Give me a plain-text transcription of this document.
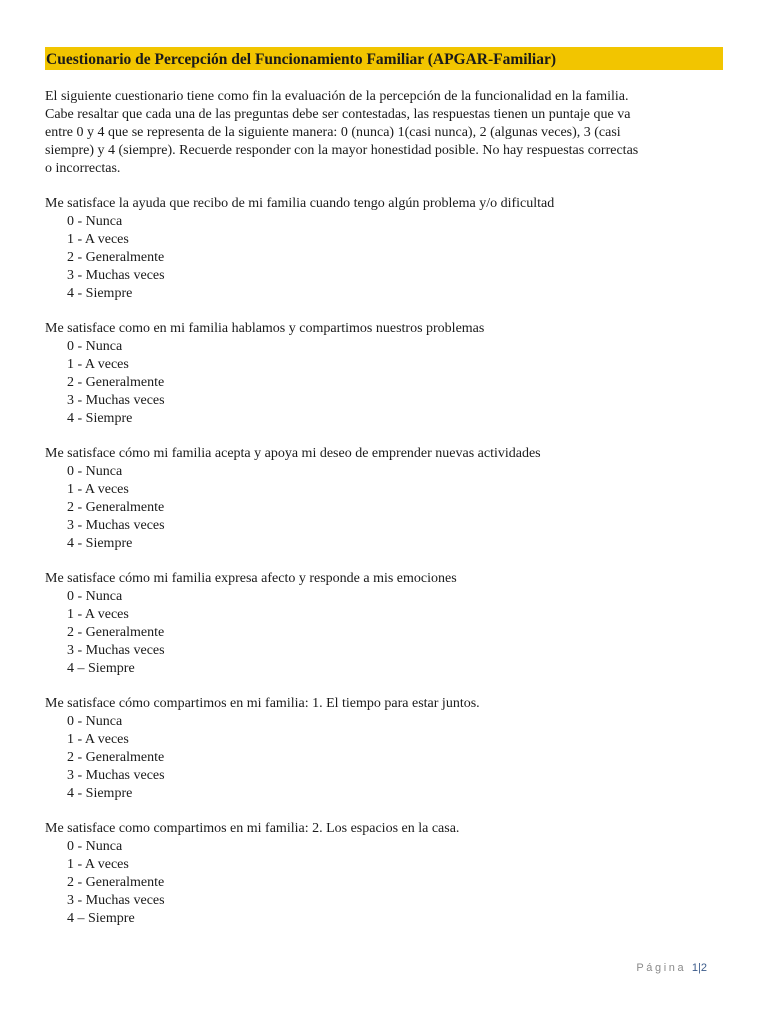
Cuestionario de Percepción del Funcionamiento Familiar (APGAR-Familiar)
El siguiente cuestionario tiene como fin la evaluación de la percepción de la funcionalidad en la familia.
Cabe resaltar que cada una de las preguntas debe ser contestadas, las respuestas tienen un puntaje que va
entre 0 y 4 que se representa de la siguiente manera: 0 (nunca) 1(casi nunca), 2 (algunas veces), 3 (casi
siempre) y 4 (siempre). Recuerde responder con la mayor honestidad posible. No hay respuestas correctas
o incorrectas.
Me satisface la ayuda que recibo de mi familia cuando tengo algún problema y/o dificultad
0 - Nunca
1 - A veces
2 - Generalmente
3 - Muchas veces
4 - Siempre
Me satisface como en mi familia hablamos y compartimos nuestros problemas
0 - Nunca
1 - A veces
2 - Generalmente
3 - Muchas veces
4 - Siempre
Me satisface cómo mi familia acepta y apoya mi deseo de emprender nuevas actividades
0 - Nunca
1 - A veces
2 - Generalmente
3 - Muchas veces
4 - Siempre
Me satisface cómo mi familia expresa afecto y responde a mis emociones
0 - Nunca
1 - A veces
2 - Generalmente
3 - Muchas veces
4 – Siempre
Me satisface cómo compartimos en mi familia: 1. El tiempo para estar juntos.
0 - Nunca
1 - A veces
2 - Generalmente
3 - Muchas veces
4 - Siempre
Me satisface como compartimos en mi familia: 2. Los espacios en la casa.
0 - Nunca
1 - A veces
2 - Generalmente
3 - Muchas veces
4 – Siempre
Página 1|2
